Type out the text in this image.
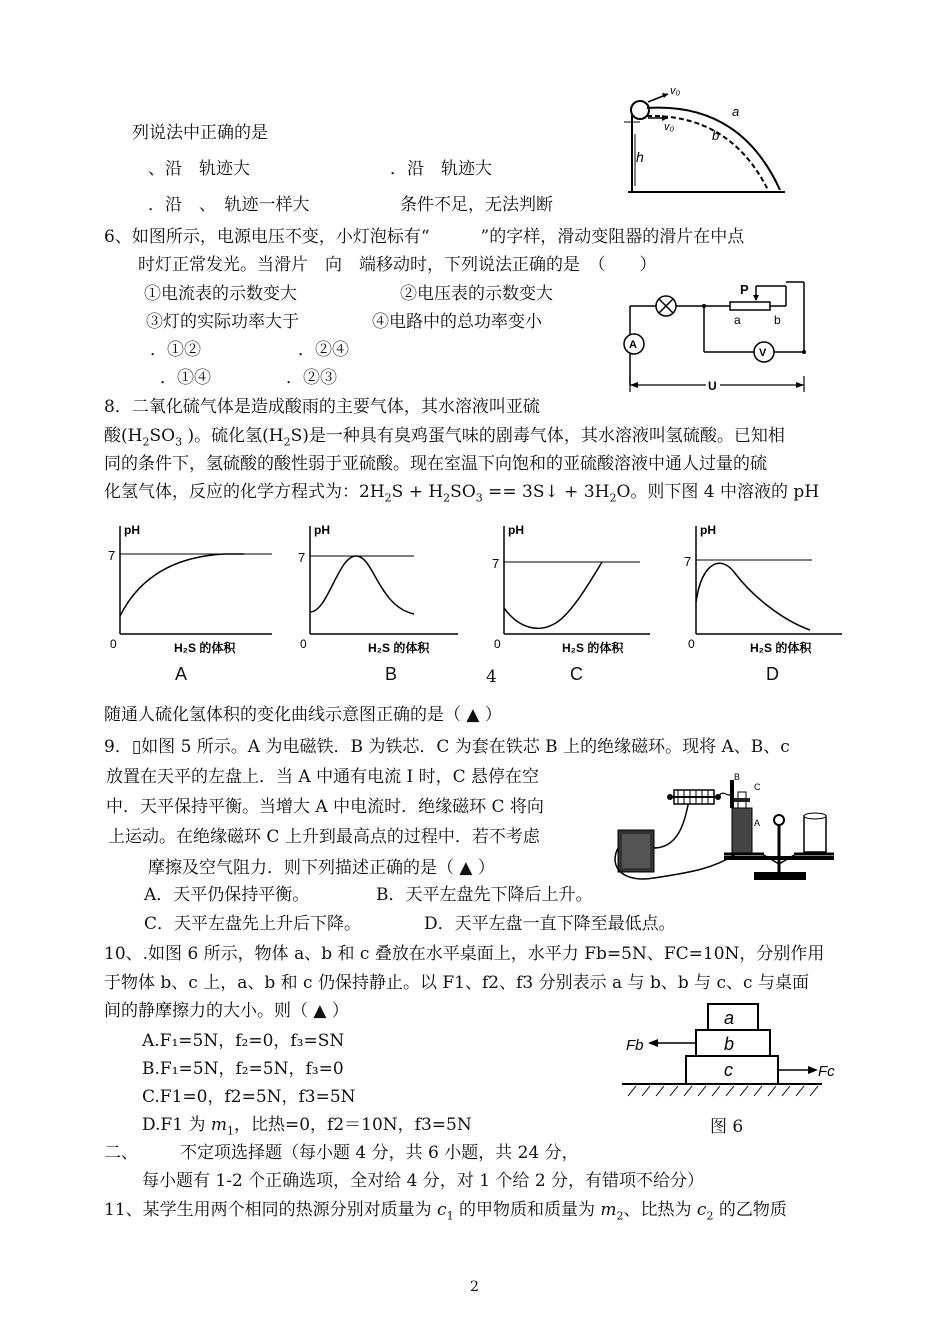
列说法中正确的是
、沿　轨迹大	．沿　轨迹大
．沿　、　轨迹一样大	条件不足，无法判断
v₀
v₀
a
b
h
6、如图所示，电源电压不变，小灯泡标有“　　　”的字样，滑动变阻器的滑片在中点
时灯正常发光。当滑片　向　端移动时，下列说法正确的是　（　　）
①电流表的示数变大	②电压表的示数变大
③灯的实际功率大于	④电路中的总功率变小
．①②	．②④
．①④	．②③
P
a	b
A
V
U
8．二氧化硫气体是造成酸雨的主要气体，其水溶液叫亚硫
酸($H_2SO_3$ )。硫化氢$(H_2S)$是一种具有臭鸡蛋气味的剧毒气体，其水溶液叫氢硫酸。已知相
同的条件下，氢硫酸的酸性弱于亚硫酸。现在室温下向饱和的亚硫酸溶液中通人过量的硫
化氢气体，反应的化学方程式为：$2H_2S + H_2SO_3$ == 3S↓ + $3H_2O$。则下图 4 中溶液的 pH
pH
7
0	H₂S 的体积
A
pH
7
0	H₂S 的体积
B	4
pH
7
0	H₂S 的体积
C
pH
7
0	H₂S 的体积
D
随通人硫化氢体积的变化曲线示意图正确的是（ ▲ ）
9．▯如图 5 所示。A 为电磁铁．B 为铁芯．C 为套在铁芯 B 上的绝缘磁环。现将 A、B、c
放置在天平的左盘上．当 A 中通有电流 I 时，C 悬停在空
中．天平保持平衡。当增大 A 中电流时．绝缘磁环 C 将向
上运动。在绝缘磁环 C 上升到最高点的过程中．若不考虑
摩擦及空气阻力．则下列描述正确的是（ ▲ ）
A．天平仍保持平衡。	B．天平左盘先下降后上升。
C．天平左盘先上升后下降。	D．天平左盘一直下降至最低点。
B
C
A
10、.如图 6 所示，物体 a、b 和 c 叠放在水平桌面上，水平力 Fb=5N、FC=10N，分别作用
于物体 b、c 上，a、b 和 c 仍保持静止。以 F1、f2、f3 分别表示 a 与 b、b 与 c、c 与桌面
间的静摩擦力的大小。则（ ▲ ）
A.F₁=5N，f₂=0，f₃=SN
B.F₁=5N，f₂=5N，f₃=0
C.F1=0，f2=5N，f3=5N
D.F1 为 $m_1$，比热=0，f2＝10N，f3=5N
a
b
c
Fb
Fc
图 6
二、 不定项选择题（每小题 4 分，共 6 小题，共 24 分，
每小题有 1-2 个正确选项，全对给 4 分，对 1 个给 2 分，有错项不给分）
11、某学生用两个相同的热源分别对质量为 $c_1$ 的甲物质和质量为 $m_2$、比热为 $c_2$ 的乙物质
2
